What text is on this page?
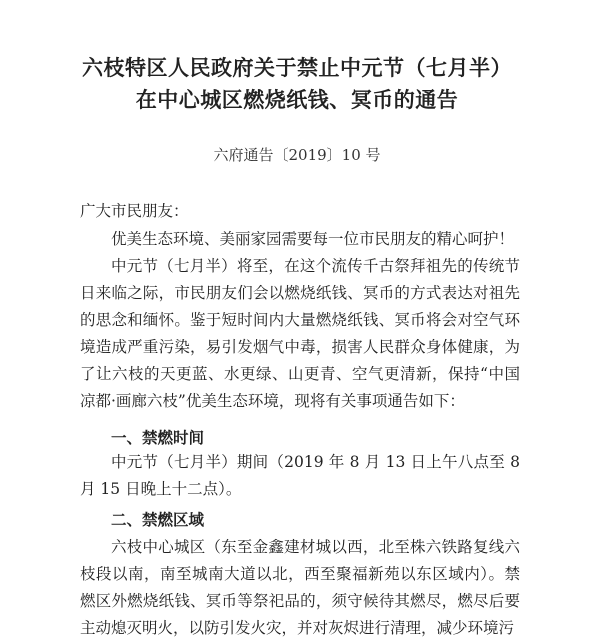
六枝特区人民政府关于禁止中元节（七月半）
在中心城区燃烧纸钱、冥币的通告
六府通告〔2019〕10 号
广大市民朋友：

优美生态环境、美丽家园需要每一位市民朋友的精心呵护！

中元节（七月半）将至，在这个流传千古祭拜祖先的传统节日来临之际，市民朋友们会以燃烧纸钱、冥币的方式表达对祖先的思念和缅怀。鉴于短时间内大量燃烧纸钱、冥币将会对空气环境造成严重污染，易引发烟气中毒，损害人民群众身体健康，为了让六枝的天更蓝、水更绿、山更青、空气更清新，保持“中国凉都·画廊六枝”优美生态环境，现将有关事项通告如下：

一、禁燃时间

中元节（七月半）期间（2019 年 8 月 13 日上午八点至 8 月 15 日晚上十二点）。

二、禁燃区域

六枝中心城区（东至金鑫建材城以西，北至株六铁路复线六枝段以南，南至城南大道以北，西至聚福新苑以东区域内）。禁燃区外燃烧纸钱、冥币等祭祀品的，须守候待其燃尽，燃尽后要主动熄灭明火，以防引发火灾，并对灰烬进行清理，减少环境污
